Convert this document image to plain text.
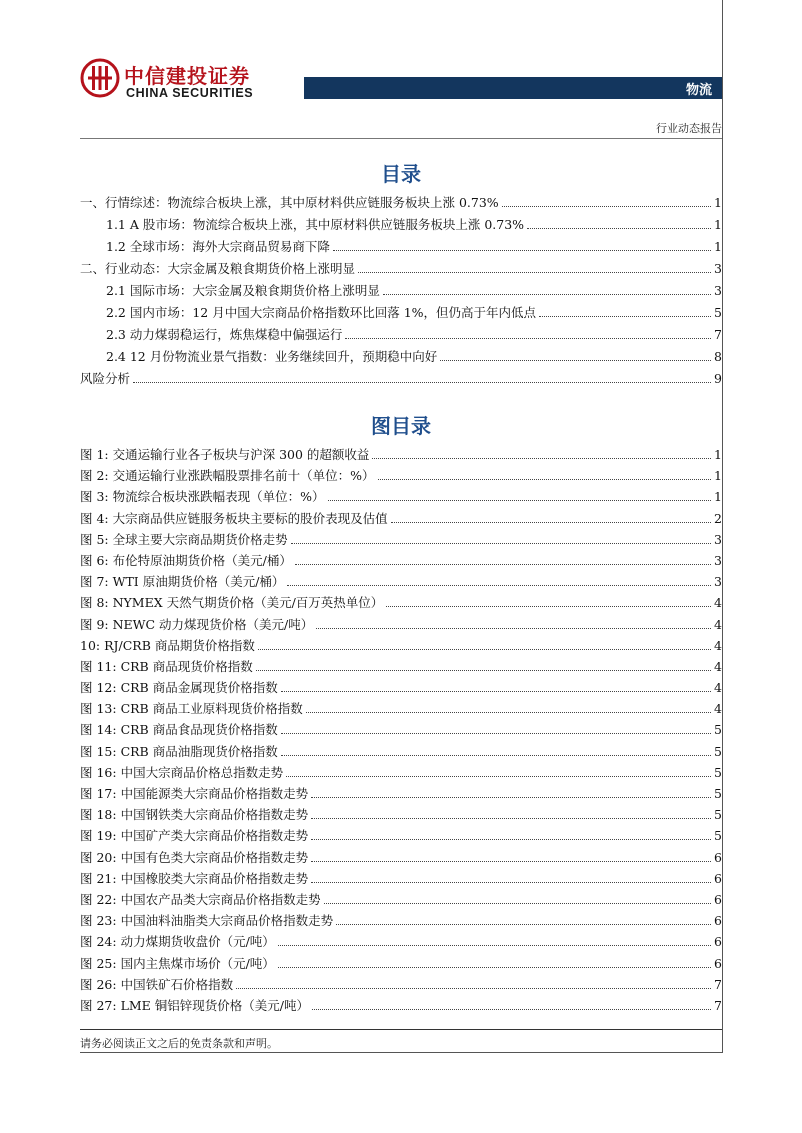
中信建投证券
CHINA SECURITIES	物流
行业动态报告
目录
一、行情综述：物流综合板块上涨，其中原材料供应链服务板块上涨 0.73%	1
1.1 A 股市场：物流综合板块上涨，其中原材料供应链服务板块上涨 0.73%	1
1.2 全球市场：海外大宗商品贸易商下降	1
二、行业动态：大宗金属及粮食期货价格上涨明显	3
2.1 国际市场：大宗金属及粮食期货价格上涨明显	3
2.2 国内市场：12 月中国大宗商品价格指数环比回落 1%，但仍高于年内低点	5
2.3 动力煤弱稳运行，炼焦煤稳中偏强运行	7
2.4 12 月份物流业景气指数：业务继续回升，预期稳中向好	8
风险分析	9
图目录
图 1: 交通运输行业各子板块与沪深 300 的超额收益	1
图 2: 交通运输行业涨跌幅股票排名前十（单位：%）	1
图 3: 物流综合板块涨跌幅表现（单位：%）	1
图 4: 大宗商品供应链服务板块主要标的股价表现及估值	2
图 5: 全球主要大宗商品期货价格走势	3
图 6: 布伦特原油期货价格（美元/桶）	3
图 7: WTI 原油期货价格（美元/桶）	3
图 8: NYMEX 天然气期货价格（美元/百万英热单位）	4
图 9: NEWC 动力煤现货价格（美元/吨）	4
10: RJ/CRB 商品期货价格指数	4
图 11: CRB 商品现货价格指数	4
图 12: CRB 商品金属现货价格指数	4
图 13: CRB 商品工业原料现货价格指数	4
图 14: CRB 商品食品现货价格指数	5
图 15: CRB 商品油脂现货价格指数	5
图 16: 中国大宗商品价格总指数走势	5
图 17: 中国能源类大宗商品价格指数走势	5
图 18: 中国钢铁类大宗商品价格指数走势	5
图 19: 中国矿产类大宗商品价格指数走势	5
图 20: 中国有色类大宗商品价格指数走势	6
图 21: 中国橡胶类大宗商品价格指数走势	6
图 22: 中国农产品类大宗商品价格指数走势	6
图 23: 中国油料油脂类大宗商品价格指数走势	6
图 24: 动力煤期货收盘价（元/吨）	6
图 25: 国内主焦煤市场价（元/吨）	6
图 26: 中国铁矿石价格指数	7
图 27: LME 铜铝锌现货价格（美元/吨）	7
请务必阅读正文之后的免责条款和声明。
